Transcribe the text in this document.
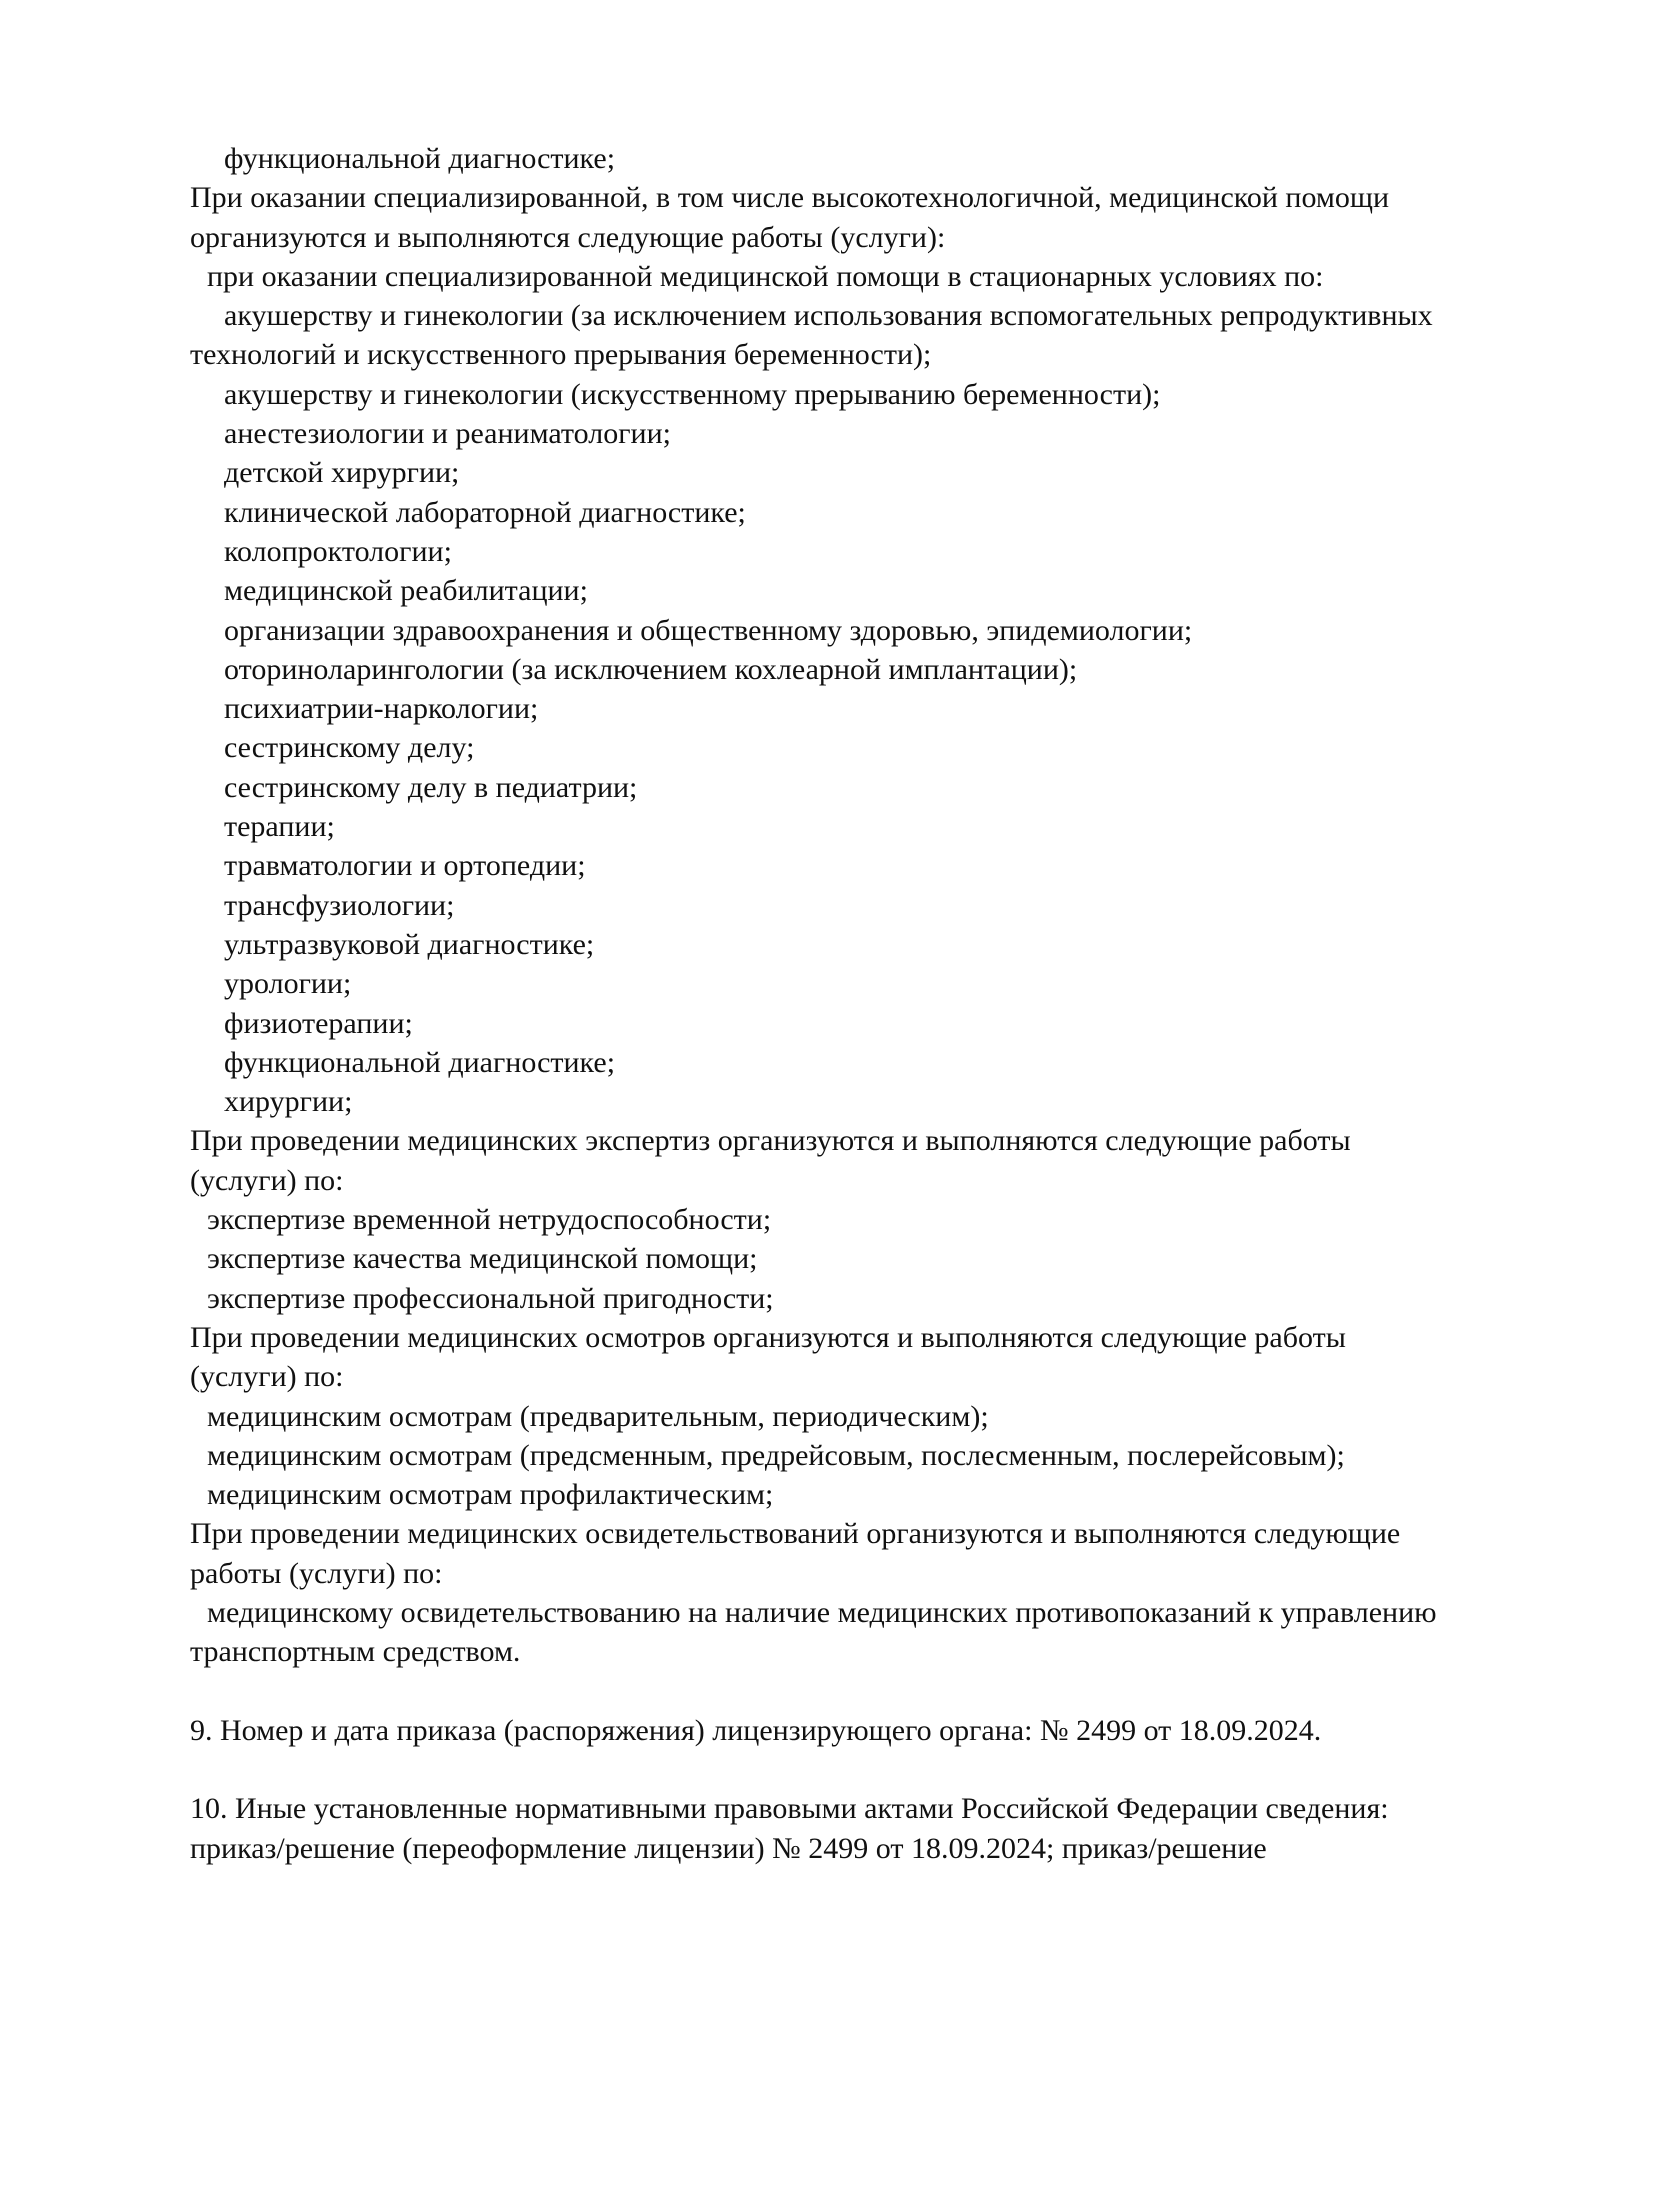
функциональной диагностике;
При оказании специализированной, в том числе высокотехнологичной, медицинской помощи
организуются и выполняются следующие работы (услуги):
при оказании специализированной медицинской помощи в стационарных условиях по:
акушерству и гинекологии (за исключением использования вспомогательных репродуктивных
технологий и искусственного прерывания беременности);
акушерству и гинекологии (искусственному прерыванию беременности);
анестезиологии и реаниматологии;
детской хирургии;
клинической лабораторной диагностике;
колопроктологии;
медицинской реабилитации;
организации здравоохранения и общественному здоровью, эпидемиологии;
оториноларингологии (за исключением кохлеарной имплантации);
психиатрии-наркологии;
сестринскому делу;
сестринскому делу в педиатрии;
терапии;
травматологии и ортопедии;
трансфузиологии;
ультразвуковой диагностике;
урологии;
физиотерапии;
функциональной диагностике;
хирургии;
При проведении медицинских экспертиз организуются и выполняются следующие работы
(услуги) по:
экспертизе временной нетрудоспособности;
экспертизе качества медицинской помощи;
экспертизе профессиональной пригодности;
При проведении медицинских осмотров организуются и выполняются следующие работы
(услуги) по:
медицинским осмотрам (предварительным, периодическим);
медицинским осмотрам (предсменным, предрейсовым, послесменным, послерейсовым);
медицинским осмотрам профилактическим;
При проведении медицинских освидетельствований организуются и выполняются следующие
работы (услуги) по:
медицинскому освидетельствованию на наличие медицинских противопоказаний к управлению
транспортным средством.
9. Номер и дата приказа (распоряжения) лицензирующего органа: № 2499 от 18.09.2024.
10. Иные установленные нормативными правовыми актами Российской Федерации сведения:
приказ/решение (переоформление лицензии) № 2499 от 18.09.2024; приказ/решение
